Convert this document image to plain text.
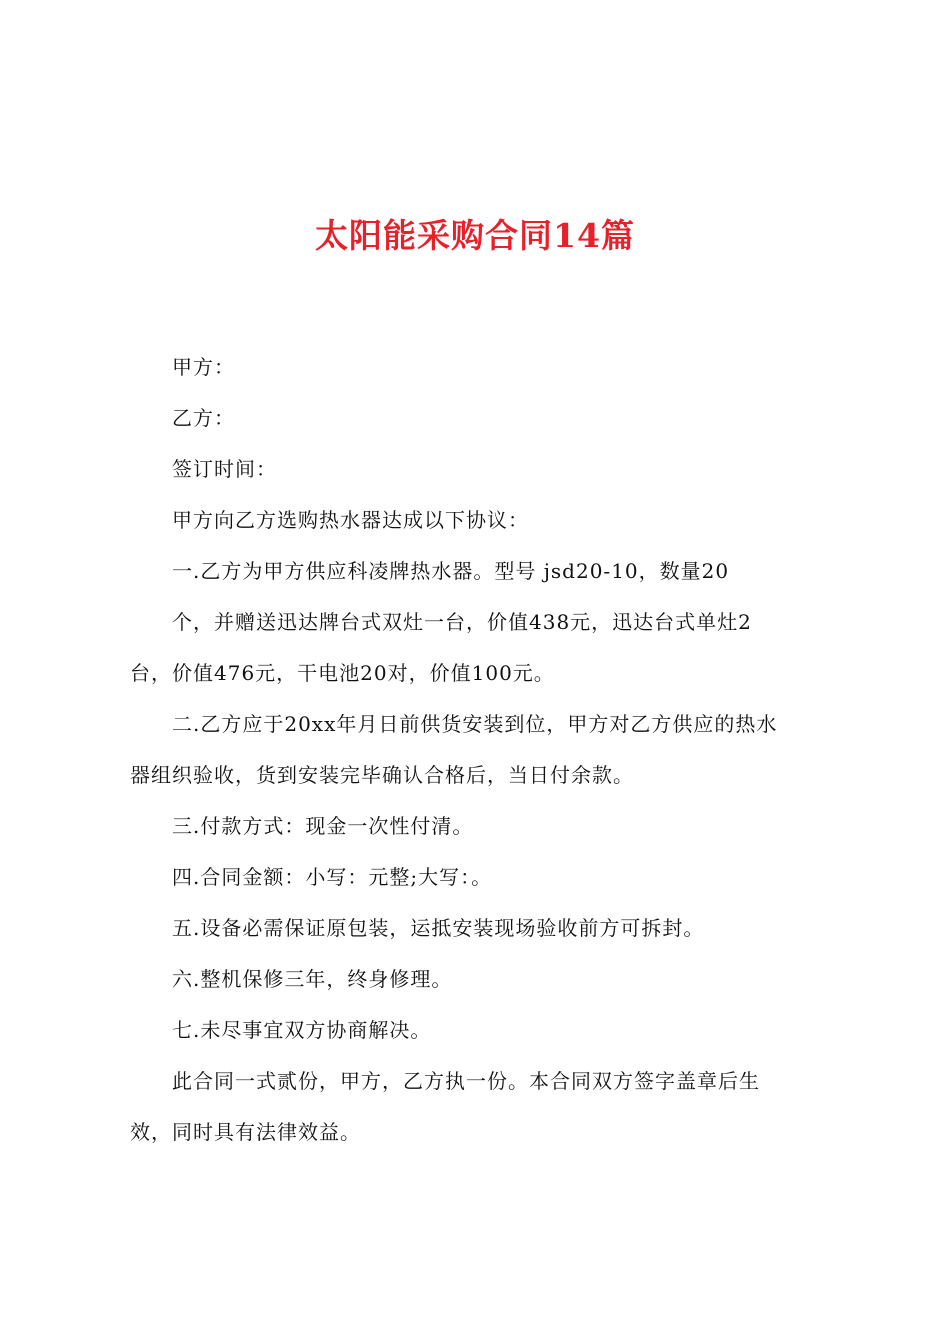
太阳能采购合同14篇

甲方：

乙方：

签订时间：

甲方向乙方选购热水器达成以下协议：

一.乙方为甲方供应科凌牌热水器。型号 jsd20-10，数量20

个，并赠送迅达牌台式双灶一台，价值438元，迅达台式单灶2

台，价值476元，干电池20对，价值100元。

二.乙方应于20xx年月日前供货安装到位，甲方对乙方供应的热水

器组织验收，货到安装完毕确认合格后，当日付余款。

三.付款方式：现金一次性付清。

四.合同金额：小写：元整;大写：。

五.设备必需保证原包装，运抵安装现场验收前方可拆封。

六.整机保修三年，终身修理。

七.未尽事宜双方协商解决。

此合同一式贰份，甲方，乙方执一份。本合同双方签字盖章后生

效，同时具有法律效益。
